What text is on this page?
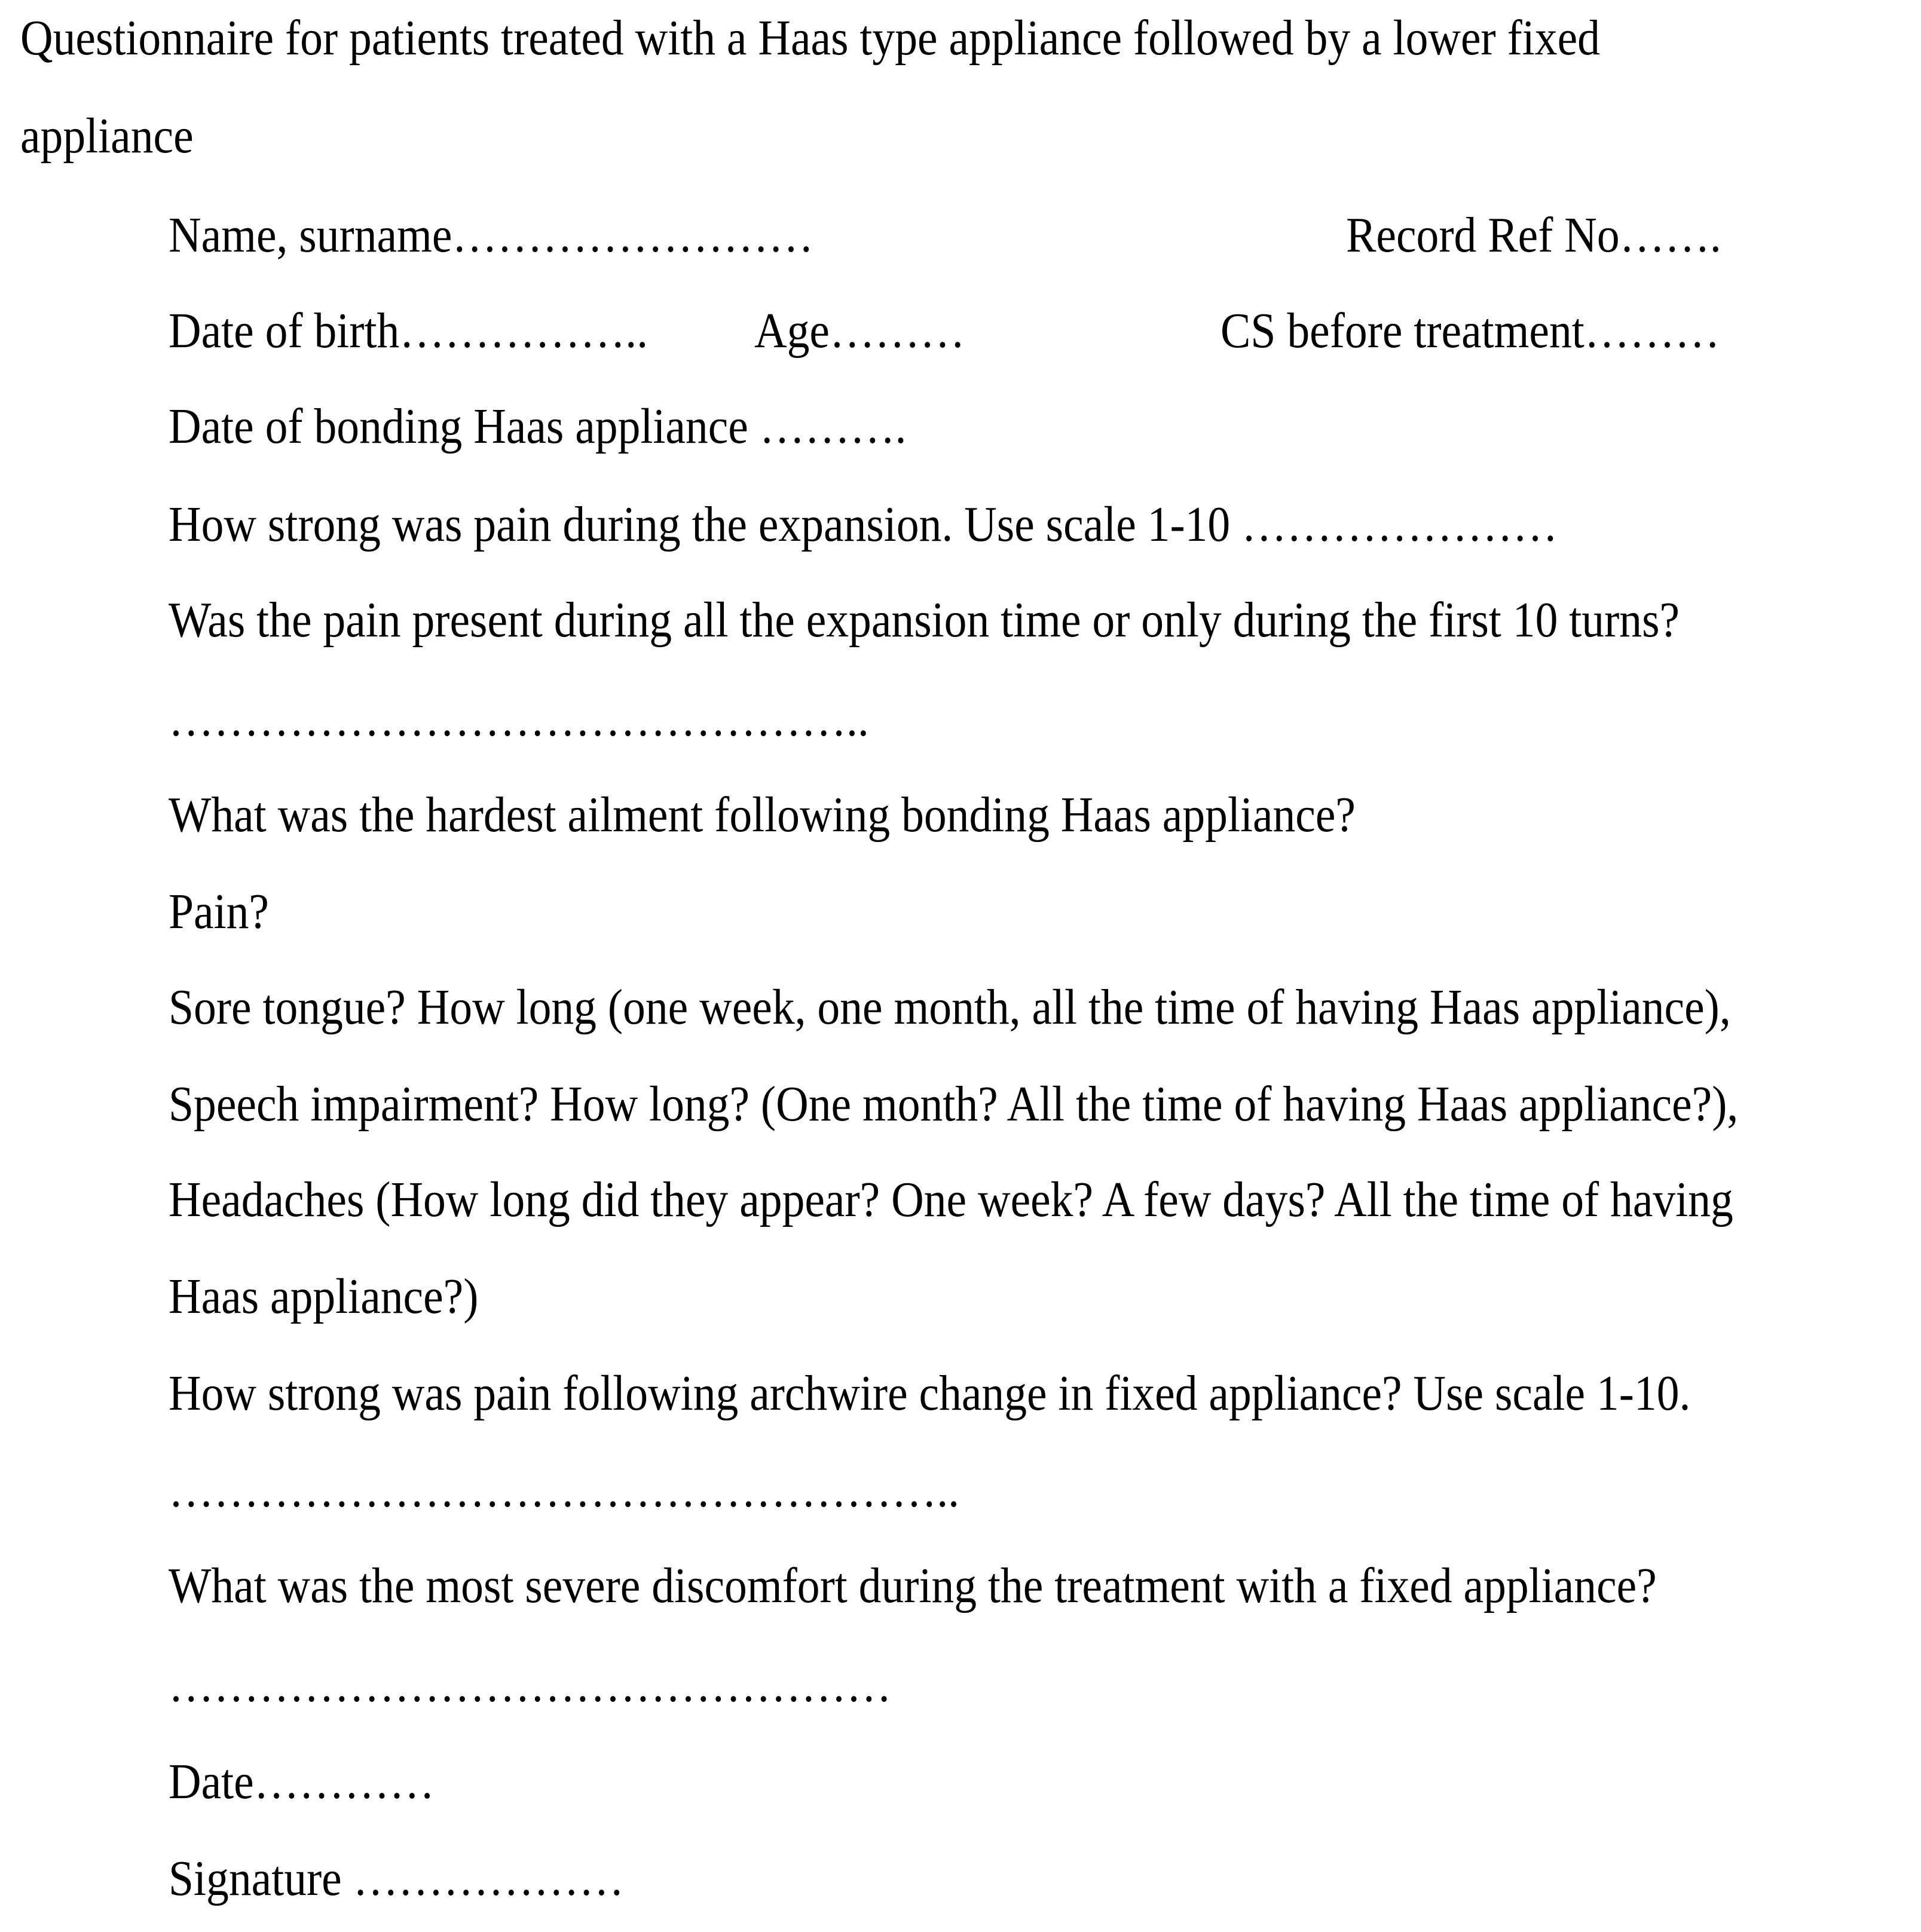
Questionnaire for patients treated with a Haas type appliance followed by a lower fixed
appliance
Name, surname……………………	Record Ref No…….
Date of birth…………….. Age………	CS before treatment………
Date of bonding Haas appliance ……….
How strong was pain during the expansion. Use scale 1-10 …………………
Was the pain present during all the expansion time or only during the first 10 turns?
………………………………………..
What was the hardest ailment following bonding Haas appliance?
Pain?
Sore tongue? How long (one week, one month, all the time of having Haas appliance),
Speech impairment? How long? (One month? All the time of having Haas appliance?),
Headaches (How long did they appear? One week? A few days? All the time of having
Haas appliance?)
How strong was pain following archwire change in fixed appliance? Use scale 1-10.
……………………………………………..
What was the most severe discomfort during the treatment with a fixed appliance?
…………………………………………
Date…………
Signature ………………
